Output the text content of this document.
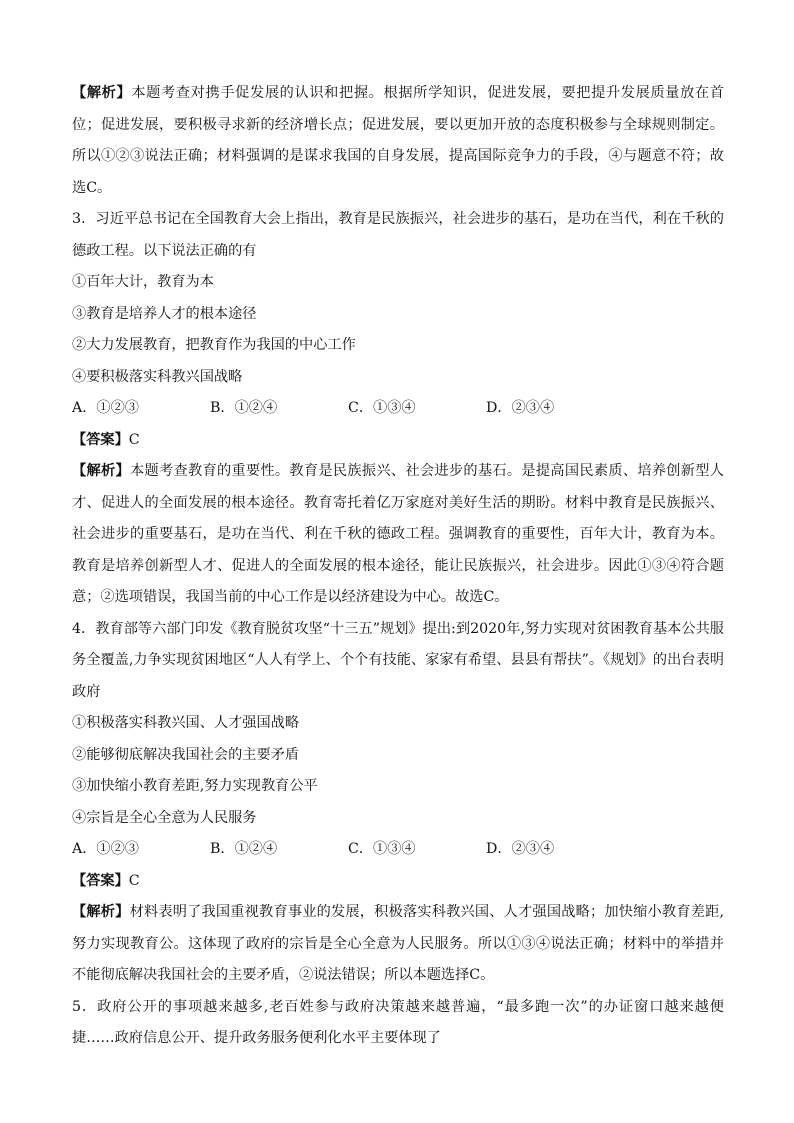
【解析】本题考查对携手促发展的认识和把握。根据所学知识，促进发展，要把提升发展质量放在首位；促进发展，要积极寻求新的经济增长点；促进发展，要以更加开放的态度积极参与全球规则制定。所以①②③说法正确；材料强调的是谋求我国的自身发展，提高国际竞争力的手段，④与题意不符；故选C。

3．习近平总书记在全国教育大会上指出，教育是民族振兴，社会进步的基石，是功在当代，利在千秋的德政工程。以下说法正确的有

①百年大计，教育为本

③教育是培养人才的根本途径

②大力发展教育，把教育作为我国的中心工作

④要积极落实科教兴国战略

A．①②③	B．①②④	C．①③④	D．②③④

【答案】C

【解析】本题考查教育的重要性。教育是民族振兴、社会进步的基石。是提高国民素质、培养创新型人才、促进人的全面发展的根本途径。教育寄托着亿万家庭对美好生活的期盼。材料中教育是民族振兴、社会进步的重要基石，是功在当代、利在千秋的德政工程。强调教育的重要性，百年大计，教育为本。教育是培养创新型人才、促进人的全面发展的根本途径，能让民族振兴，社会进步。因此①③④符合题意；②选项错误，我国当前的中心工作是以经济建设为中心。故选C。

4．教育部等六部门印发《教育脱贫攻坚“十三五”规划》提出:到2020年,努力实现对贫困教育基本公共服务全覆盖,力争实现贫困地区“人人有学上、个个有技能、家家有希望、县县有帮扶”。《规划》的出台表明政府

①积极落实科教兴国、人才强国战略

②能够彻底解决我国社会的主要矛盾

③加快缩小教育差距,努力实现教育公平

④宗旨是全心全意为人民服务

A．①②③	B．①②④	C．①③④	D．②③④

【答案】C

【解析】材料表明了我国重视教育事业的发展，积极落实科教兴国、人才强国战略；加快缩小教育差距,努力实现教育公。这体现了政府的宗旨是全心全意为人民服务。所以①③④说法正确；材料中的举措并不能彻底解决我国社会的主要矛盾，②说法错误；所以本题选择C。

5．政府公开的事项越来越多,老百姓参与政府决策越来越普遍，“最多跑一次”的办证窗口越来越便捷……政府信息公开、提升政务服务便利化水平主要体现了
